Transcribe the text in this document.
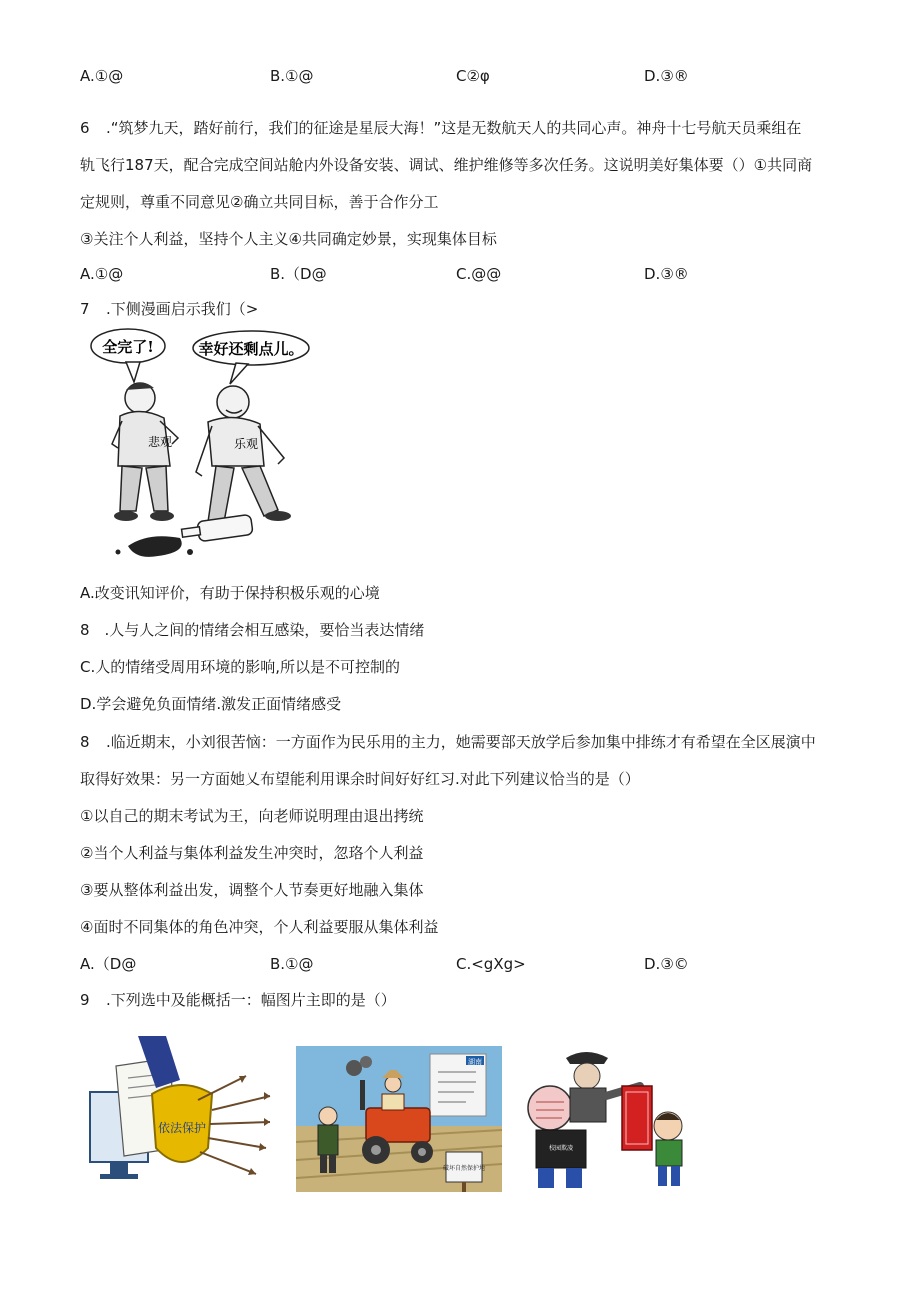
A.①@	B.①@	C②φ	D.③®
6 .“筑梦九天，踏好前行，我们的征途是星辰大海！”这是无数航天人的共同心声。神舟十七号航天员乘组在
轨飞行187天，配合完成空间站舱内外设备安装、调试、维护维修等多次任务。这说明美好集体要（）①共同商
定规则，尊重不同意见②确立共同目标，善于合作分工
③关注个人利益，坚持个人主义④共同确定妙景，实现集体目标
A.①@	B.（D@	C.@@	D.③®
7 .下侧漫画启示我们（>
全完了!	幸好还剩点儿。
悲观	乐观
A.改变讯知评价，有助于保持积极乐观的心境
8　.人与人之间的情绪会相互感染，要恰当表达情绪
C.人的情绪受周用环境的影响,所以是不可控制的
D.学会避免负面情绪.激发正面情绪感受
8 .临近期末，小刘很苦恼：一方面作为民乐用的主力，她需要部天放学后参加集中排练才有希望在全区展演中
取得好效果：另一方面她乂布望能利用课余时间好好红习.对此下列建议恰当的是（）
①以自己的期末考试为王，向老师说明理由退出拷统
②当个人利益与集体利益发生冲突时，忽珞个人利益
③要从整体利益出发，调整个人节奏更好地融入集体
④面时不同集体的角色冲突，个人利益要服从集体利益
A.（D@	B.①@	C.<gXg>	D.③©
9 .下列选中及能概括一：幅图片主即的是（）
依法保护
湖南
破坏自然保护地
校园欺凌
